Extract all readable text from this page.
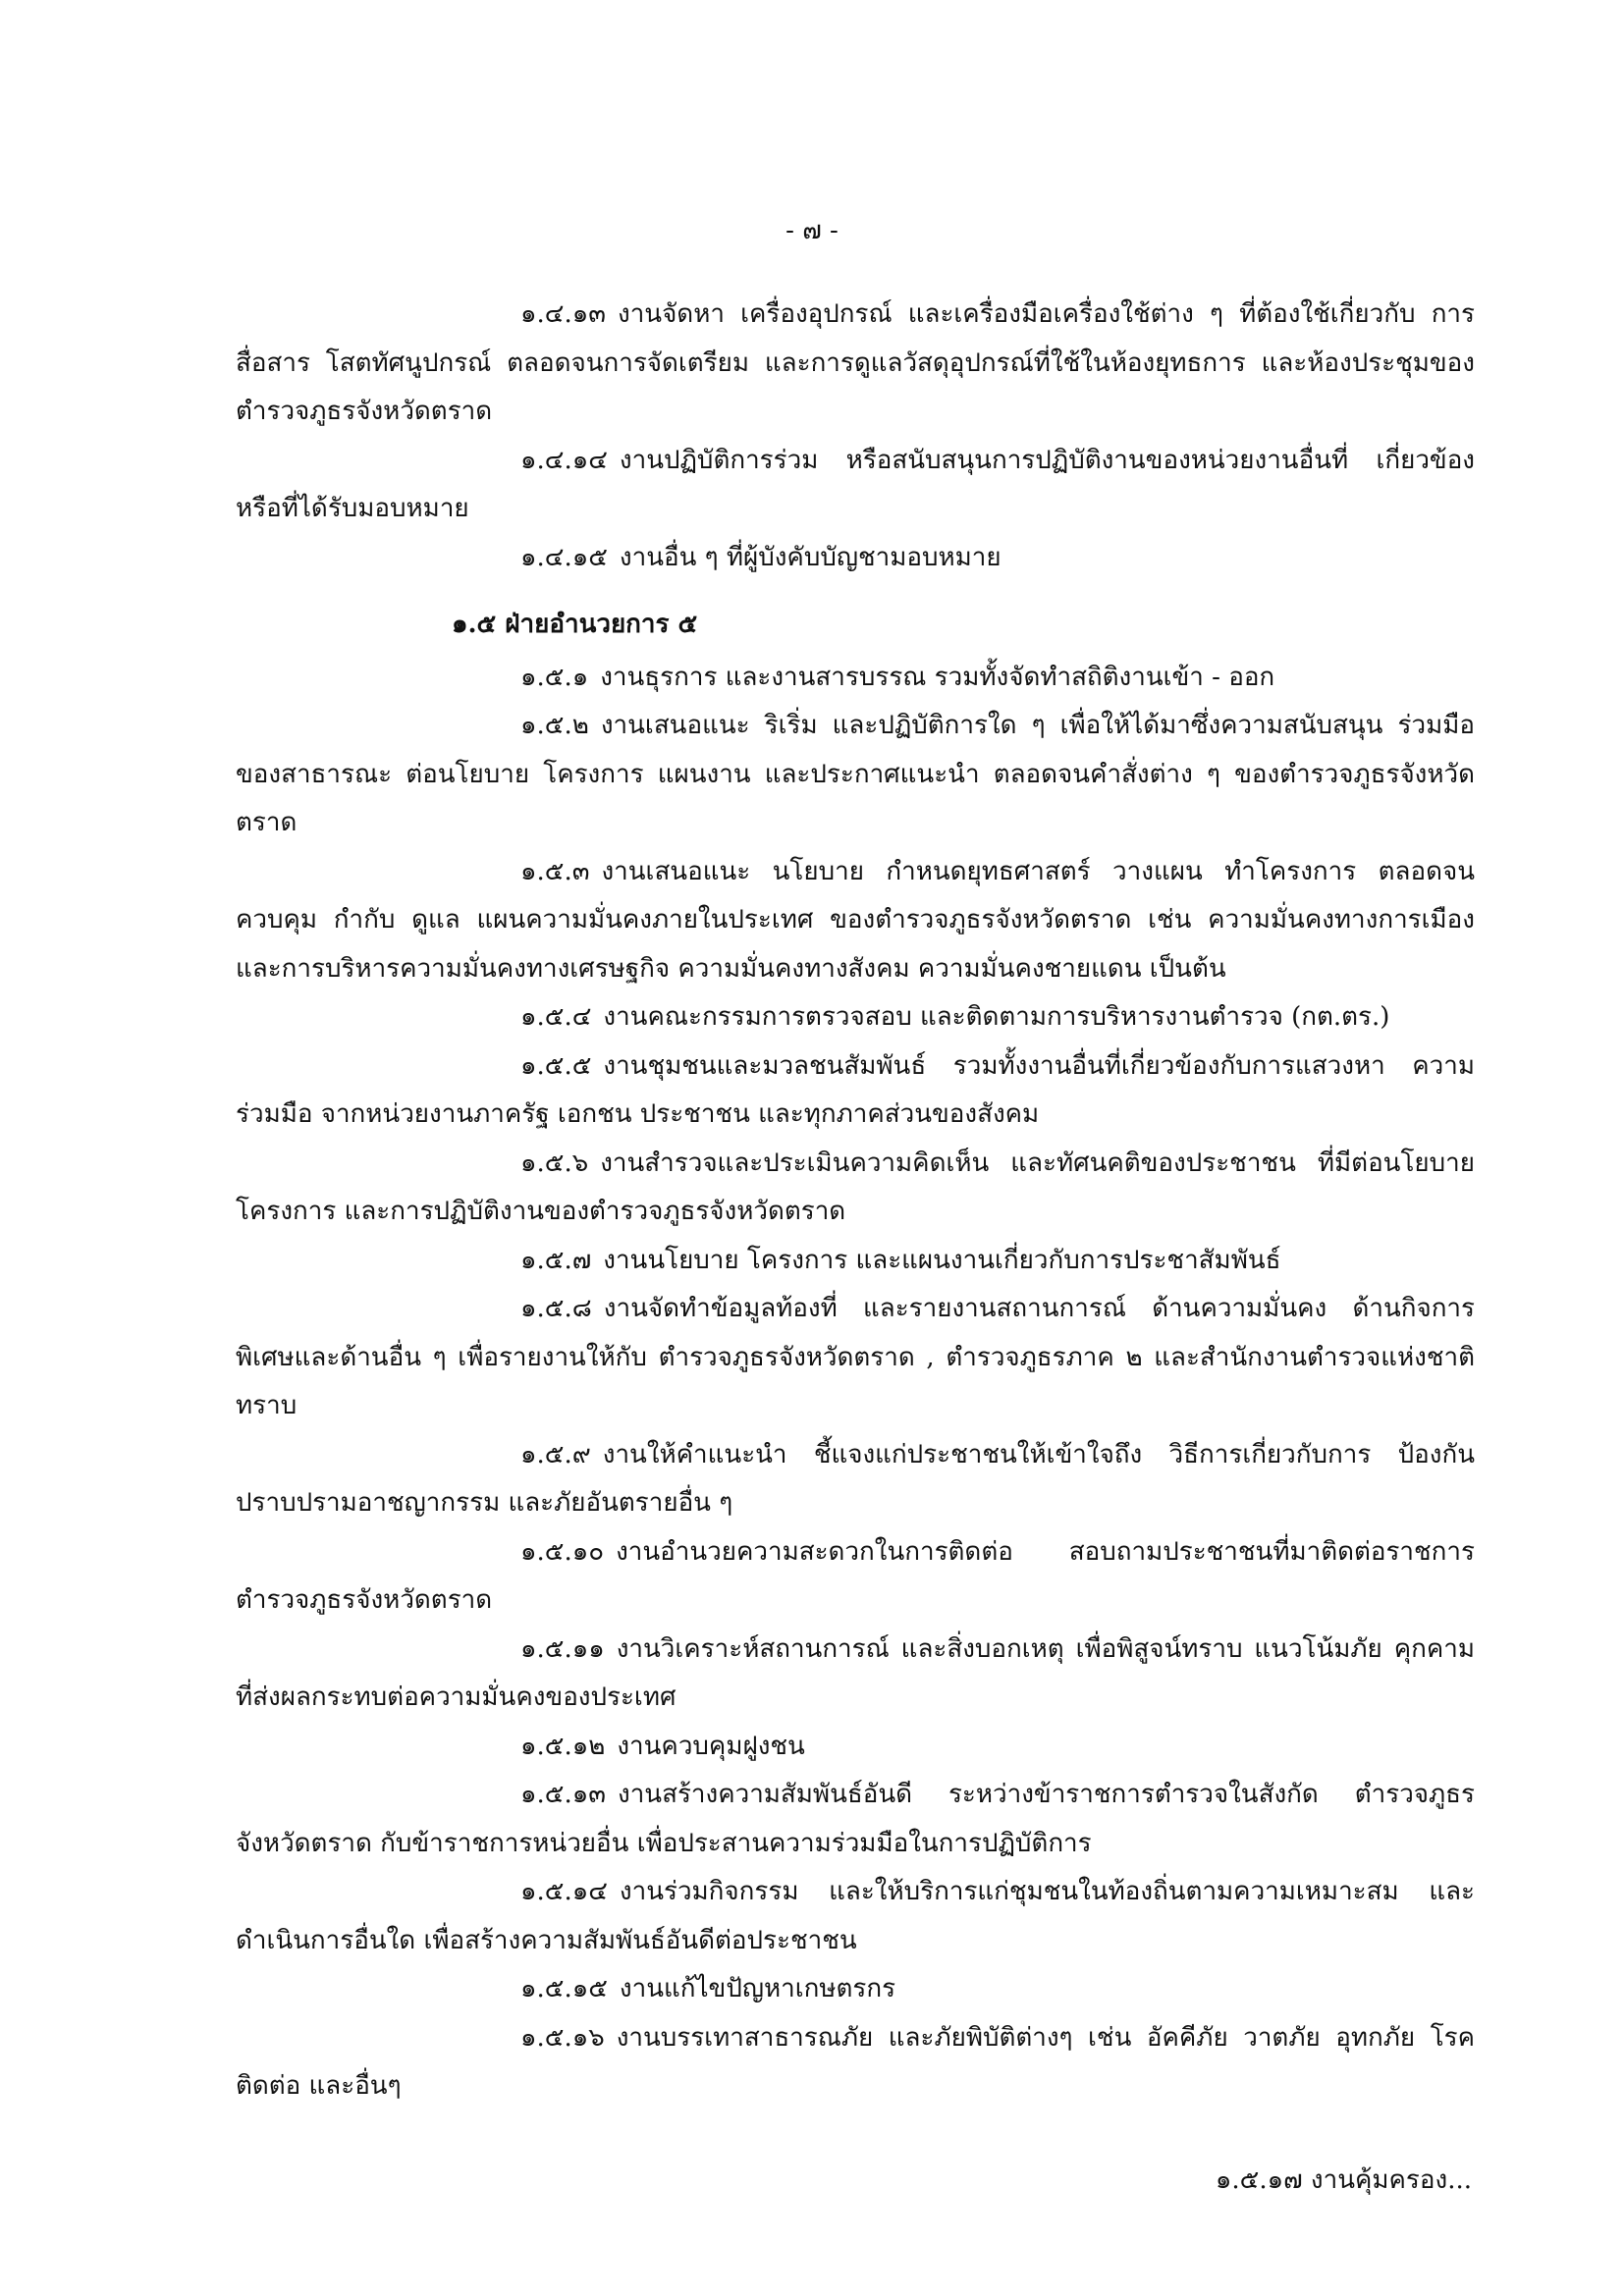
- ๗ -
๑.๔.๑๓ งานจัดหา เครื่องอุปกรณ์ และเครื่องมือเครื่องใช้ต่าง ๆ ที่ต้องใช้เกี่ยวกับ การสื่อสาร โสตทัศนูปกรณ์ ตลอดจนการจัดเตรียม และการดูแลวัสดุอุปกรณ์ที่ใช้ในห้องยุทธการ และห้องประชุมของ ตำรวจภูธรจังหวัดตราด
๑.๔.๑๔ งานปฏิบัติการร่วม หรือสนับสนุนการปฏิบัติงานของหน่วยงานอื่นที่ เกี่ยวข้อง หรือที่ได้รับมอบหมาย
๑.๔.๑๕ งานอื่น ๆ ที่ผู้บังคับบัญชามอบหมาย
๑.๕ ฝ่ายอำนวยการ ๕
๑.๕.๑ งานธุรการ และงานสารบรรณ รวมทั้งจัดทำสถิติงานเข้า - ออก
๑.๕.๒ งานเสนอแนะ ริเริ่ม และปฏิบัติการใด ๆ เพื่อให้ได้มาซึ่งความสนับสนุน ร่วมมือของสาธารณะ ต่อนโยบาย โครงการ แผนงาน และประกาศแนะนำ ตลอดจนคำสั่งต่าง ๆ ของตำรวจภูธรจังหวัดตราด
๑.๕.๓ งานเสนอแนะ นโยบาย กำหนดยุทธศาสตร์ วางแผน ทำโครงการ ตลอดจน ควบคุม กำกับ ดูแล แผนความมั่นคงภายในประเทศ ของตำรวจภูธรจังหวัดตราด เช่น ความมั่นคงทางการเมือง และการบริหารความมั่นคงทางเศรษฐกิจ ความมั่นคงทางสังคม ความมั่นคงชายแดน เป็นต้น
๑.๕.๔ งานคณะกรรมการตรวจสอบ และติดตามการบริหารงานตำรวจ (กต.ตร.)
๑.๕.๕ งานชุมชนและมวลชนสัมพันธ์ รวมทั้งงานอื่นที่เกี่ยวข้องกับการแสวงหา ความร่วมมือ จากหน่วยงานภาครัฐ เอกชน ประชาชน และทุกภาคส่วนของสังคม
๑.๕.๖ งานสำรวจและประเมินความคิดเห็น และทัศนคติของประชาชน ที่มีต่อนโยบาย โครงการ และการปฏิบัติงานของตำรวจภูธรจังหวัดตราด
๑.๕.๗ งานนโยบาย โครงการ และแผนงานเกี่ยวกับการประชาสัมพันธ์
๑.๕.๘ งานจัดทำข้อมูลท้องที่ และรายงานสถานการณ์ ด้านความมั่นคง ด้านกิจการพิเศษและด้านอื่น ๆ เพื่อรายงานให้กับ ตำรวจภูธรจังหวัดตราด , ตำรวจภูธรภาค ๒ และสำนักงานตำรวจแห่งชาติ ทราบ
๑.๕.๙ งานให้คำแนะนำ ชี้แจงแก่ประชาชนให้เข้าใจถึง วิธีการเกี่ยวกับการ ป้องกันปราบปรามอาชญากรรม และภัยอันตรายอื่น ๆ
๑.๕.๑๐ งานอำนวยความสะดวกในการติดต่อ สอบถามประชาชนที่มาติดต่อราชการ ตำรวจภูธรจังหวัดตราด
๑.๕.๑๑ งานวิเคราะห์สถานการณ์ และสิ่งบอกเหตุ เพื่อพิสูจน์ทราบ แนวโน้มภัย คุกคาม ที่ส่งผลกระทบต่อความมั่นคงของประเทศ
๑.๕.๑๒ งานควบคุมฝูงชน
๑.๕.๑๓ งานสร้างความสัมพันธ์อันดี ระหว่างข้าราชการตำรวจในสังกัด ตำรวจภูธร จังหวัดตราด กับข้าราชการหน่วยอื่น เพื่อประสานความร่วมมือในการปฏิบัติการ
๑.๕.๑๔ งานร่วมกิจกรรม และให้บริการแก่ชุมชนในท้องถิ่นตามความเหมาะสม และดำเนินการอื่นใด เพื่อสร้างความสัมพันธ์อันดีต่อประชาชน
๑.๕.๑๕ งานแก้ไขปัญหาเกษตรกร
๑.๕.๑๖ งานบรรเทาสาธารณภัย และภัยพิบัติต่างๆ เช่น อัคคีภัย วาตภัย อุทกภัย โรคติดต่อ และอื่นๆ
๑.๕.๑๗ งานคุ้มครอง...
